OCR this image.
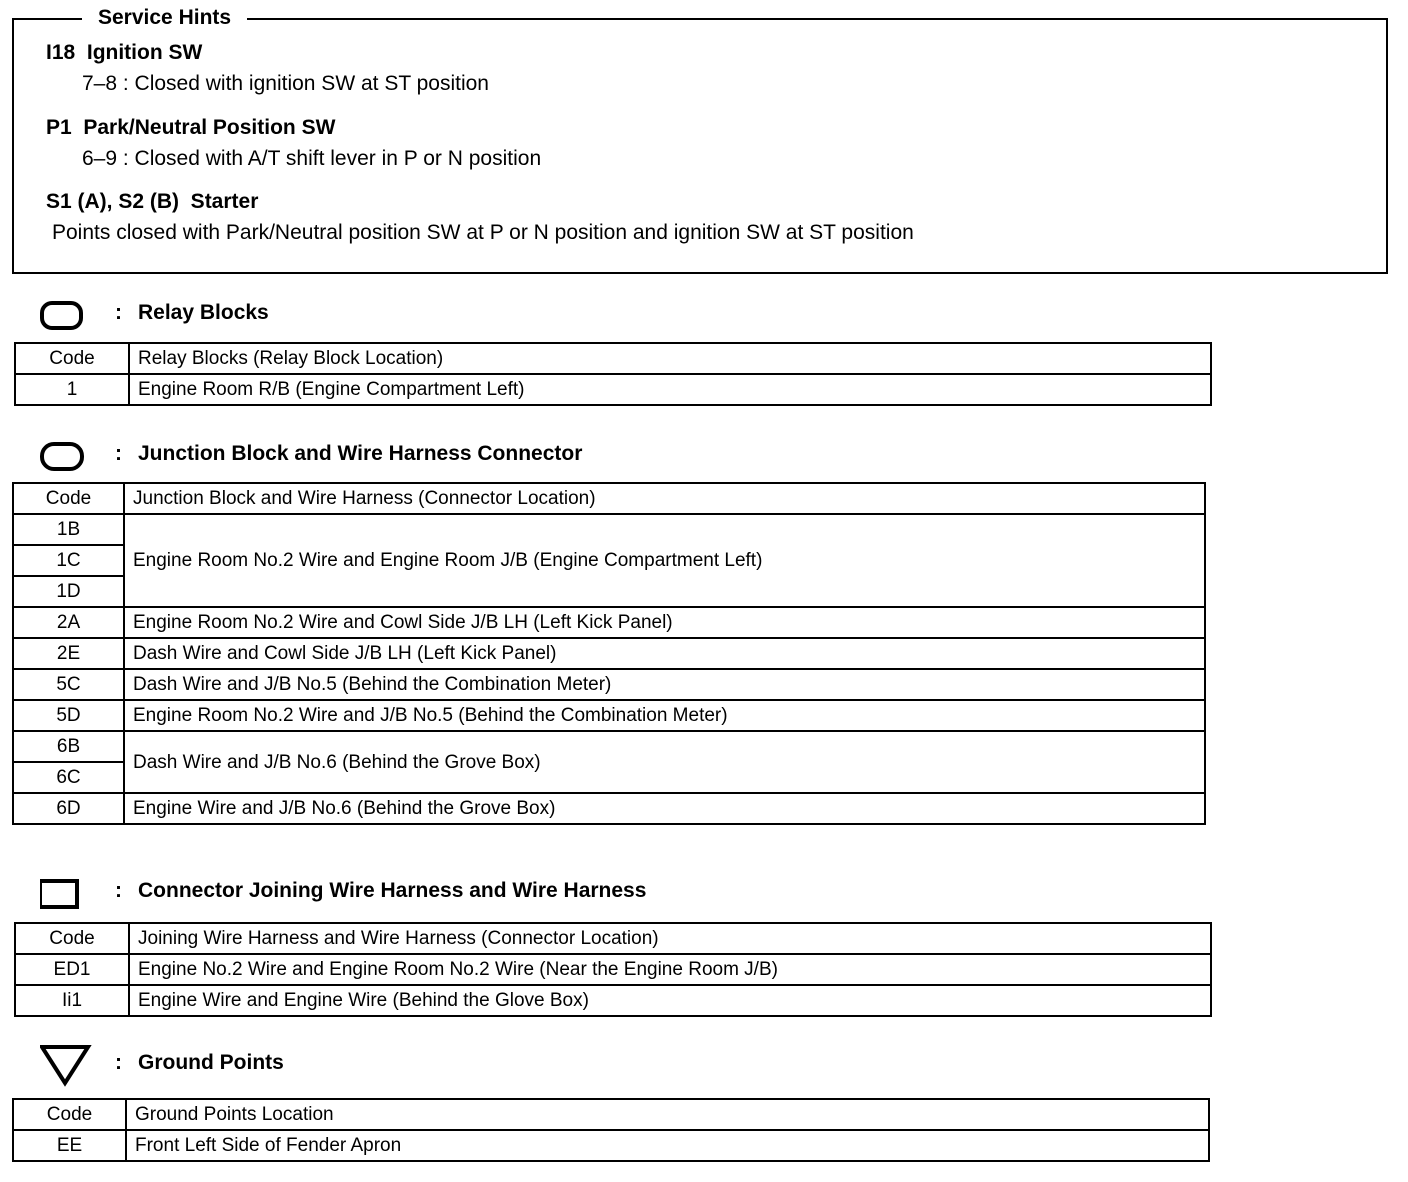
Service Hints
I18  Ignition SW
7–8 : Closed with ignition SW at ST position
P1  Park/Neutral Position SW
6–9 : Closed with A/T shift lever in P or N position
S1 (A), S2 (B)  Starter
Points closed with Park/Neutral position SW at P or N position and ignition SW at ST position
: Relay Blocks
Code	Relay Blocks (Relay Block Location)
1	Engine Room R/B (Engine Compartment Left)
: Junction Block and Wire Harness Connector
Code	Junction Block and Wire Harness (Connector Location)
1B	Engine Room No.2 Wire and Engine Room J/B (Engine Compartment Left)
1C	
1D	
2A	Engine Room No.2 Wire and Cowl Side J/B LH (Left Kick Panel)
2E	Dash Wire and Cowl Side J/B LH (Left Kick Panel)
5C	Dash Wire and J/B No.5 (Behind the Combination Meter)
5D	Engine Room No.2 Wire and J/B No.5 (Behind the Combination Meter)
6B	Dash Wire and J/B No.6 (Behind the Grove Box)
6C	
6D	Engine Wire and J/B No.6 (Behind the Grove Box)
: Connector Joining Wire Harness and Wire Harness
Code	Joining Wire Harness and Wire Harness (Connector Location)
ED1	Engine No.2 Wire and Engine Room No.2 Wire (Near the Engine Room J/B)
Ii1	Engine Wire and Engine Wire (Behind the Glove Box)
: Ground Points
Code	Ground Points Location
EE	Front Left Side of Fender Apron
